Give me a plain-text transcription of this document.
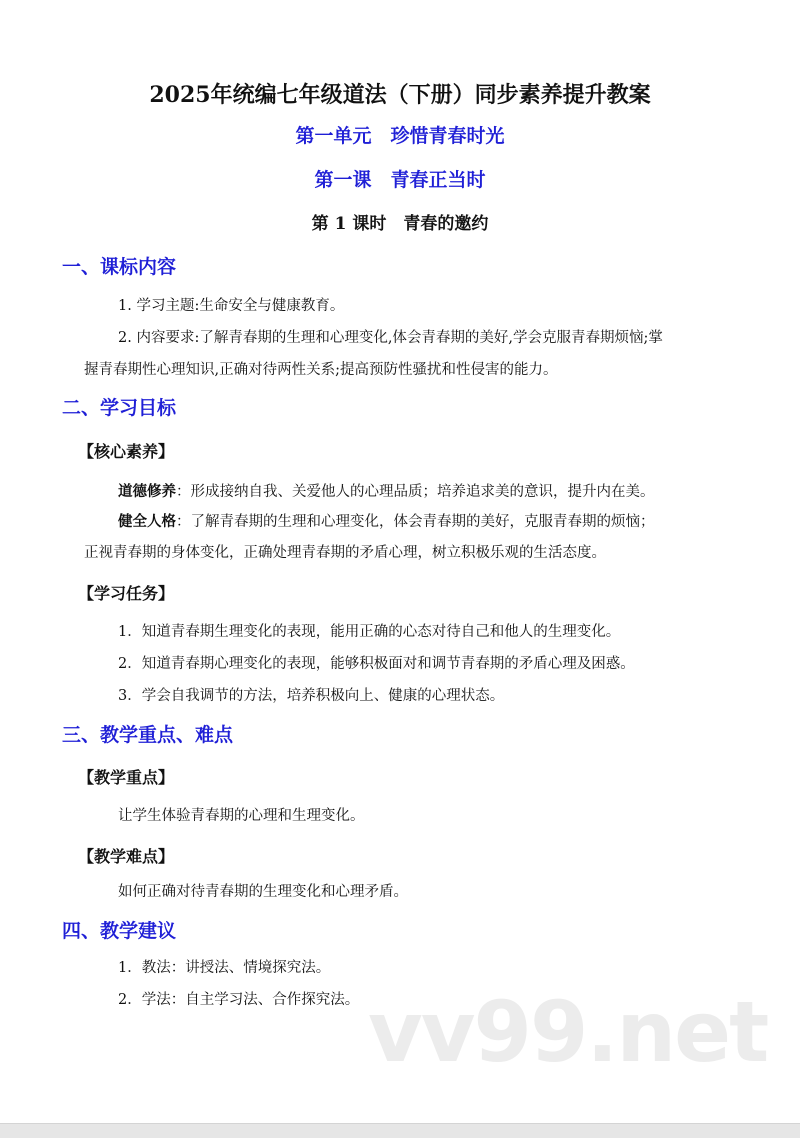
2025年统编七年级道法（下册）同步素养提升教案
第一单元　珍惜青春时光
第一课　青春正当时
第 1 课时　青春的邀约
一、课标内容
1. 学习主题:生命安全与健康教育。
2. 内容要求:了解青春期的生理和心理变化,体会青春期的美好,学会克服青春期烦恼;掌
握青春期性心理知识,正确对待两性关系;提高预防性骚扰和性侵害的能力。
二、学习目标
【核心素养】
道德修养：形成接纳自我、关爱他人的心理品质；培养追求美的意识，提升内在美。
健全人格：了解青春期的生理和心理变化，体会青春期的美好，克服青春期的烦恼；
正视青春期的身体变化，正确处理青春期的矛盾心理，树立积极乐观的生活态度。
【学习任务】
1．知道青春期生理变化的表现，能用正确的心态对待自己和他人的生理变化。
2．知道青春期心理变化的表现，能够积极面对和调节青春期的矛盾心理及困惑。
3．学会自我调节的方法，培养积极向上、健康的心理状态。
三、教学重点、难点
【教学重点】
让学生体验青春期的心理和生理变化。
【教学难点】
如何正确对待青春期的生理变化和心理矛盾。
四、教学建议
1．教法：讲授法、情境探究法。
2．学法：自主学习法、合作探究法。 vv99.net
